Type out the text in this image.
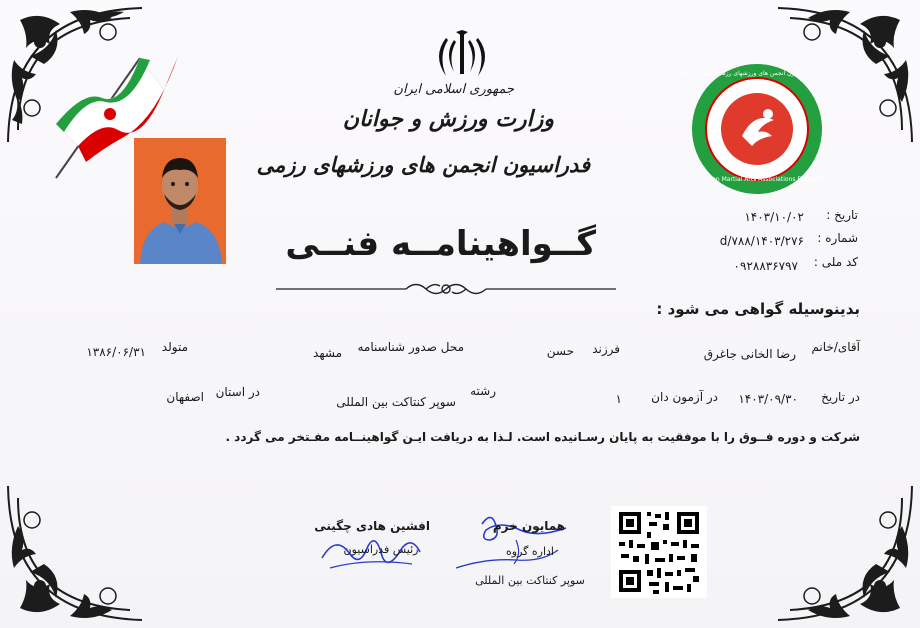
جمهوری اسلامی ایران
وزارت ورزش و جوانان
فدراسیون انجمن های ورزشهای رزمی
● ● ●
فدراسیون انجمن های ورزشهای رزمی جمهوری اسلامی ایران
Iran Martial Arts Associations Federation
تاریخ :
۱۴۰۳/۱۰/۰۲
شماره :
۱۴۰۳/۲۷۶/d/۷۸۸
کد ملی :
۰۹۲۸۸۳۶۷۹۷
گــواهینامــه فنــی
بدینوسیله گواهی می شود :
آقای/خانم
رضا الخانی جاغرق
فرزند
حسن
محل صدور شناسنامه
مشهد
متولد
۱۳۸۶/۰۶/۳۱
در تاریخ
۱۴۰۳/۰۹/۳۰
در آزمون دان
۱
رشته
سوپر کنتاکت بین المللی
در استان
اصفهان
شرکت و دوره فــوق را با موفقیت به پایان رسـانیده است. لـذا به دریافت ایـن گواهینــامه مفـتخر می گردد .
افشین هادی چگینی
رئیس فدراسیون
همایون خرم
اداره گروه
سوپر کنتاکت بین المللی
